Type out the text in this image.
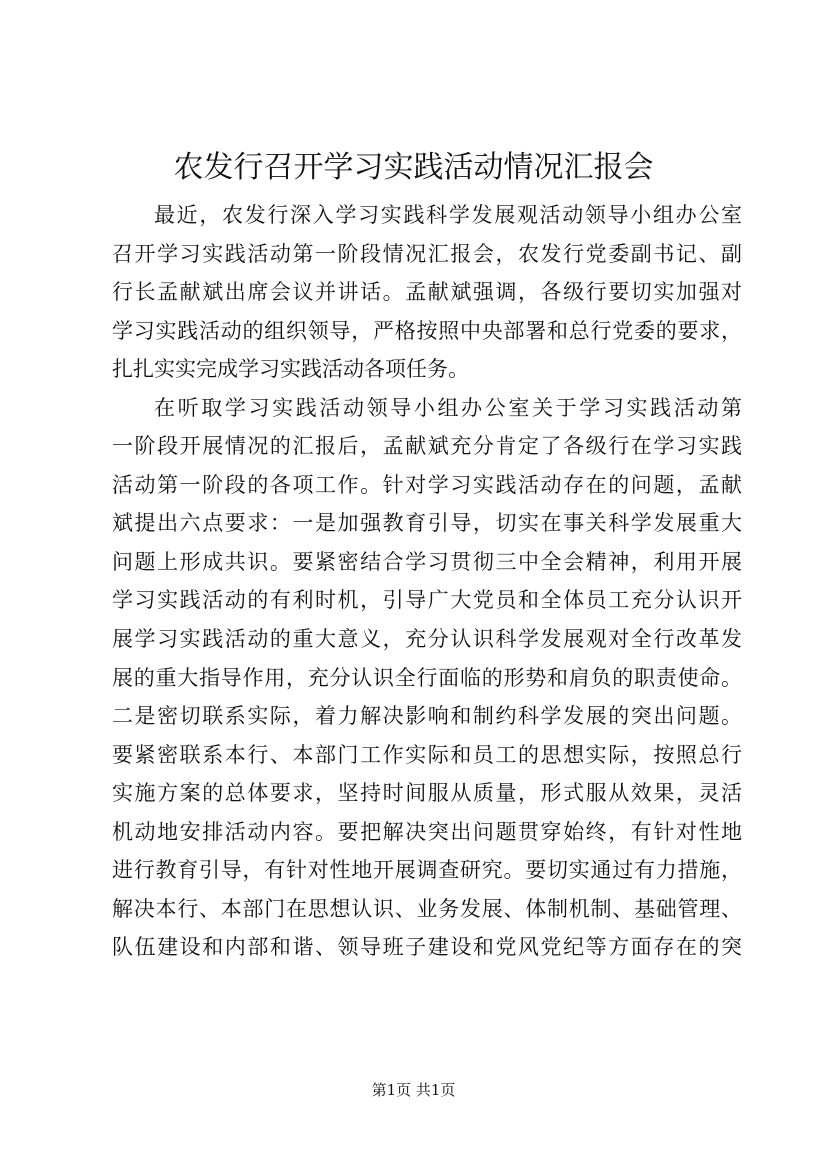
农发行召开学习实践活动情况汇报会
最近，农发行深入学习实践科学发展观活动领导小组办公室
召开学习实践活动第一阶段情况汇报会，农发行党委副书记、副
行长孟献斌出席会议并讲话。孟献斌强调，各级行要切实加强对
学习实践活动的组织领导，严格按照中央部署和总行党委的要求，
扎扎实实完成学习实践活动各项任务。
在听取学习实践活动领导小组办公室关于学习实践活动第
一阶段开展情况的汇报后，孟献斌充分肯定了各级行在学习实践
活动第一阶段的各项工作。针对学习实践活动存在的问题，孟献
斌提出六点要求：一是加强教育引导，切实在事关科学发展重大
问题上形成共识。要紧密结合学习贯彻三中全会精神，利用开展
学习实践活动的有利时机，引导广大党员和全体员工充分认识开
展学习实践活动的重大意义，充分认识科学发展观对全行改革发
展的重大指导作用，充分认识全行面临的形势和肩负的职责使命。
二是密切联系实际，着力解决影响和制约科学发展的突出问题。
要紧密联系本行、本部门工作实际和员工的思想实际，按照总行
实施方案的总体要求，坚持时间服从质量，形式服从效果，灵活
机动地安排活动内容。要把解决突出问题贯穿始终，有针对性地
进行教育引导，有针对性地开展调查研究。要切实通过有力措施，
解决本行、本部门在思想认识、业务发展、体制机制、基础管理、
队伍建设和内部和谐、领导班子建设和党风党纪等方面存在的突
第1页 共1页
